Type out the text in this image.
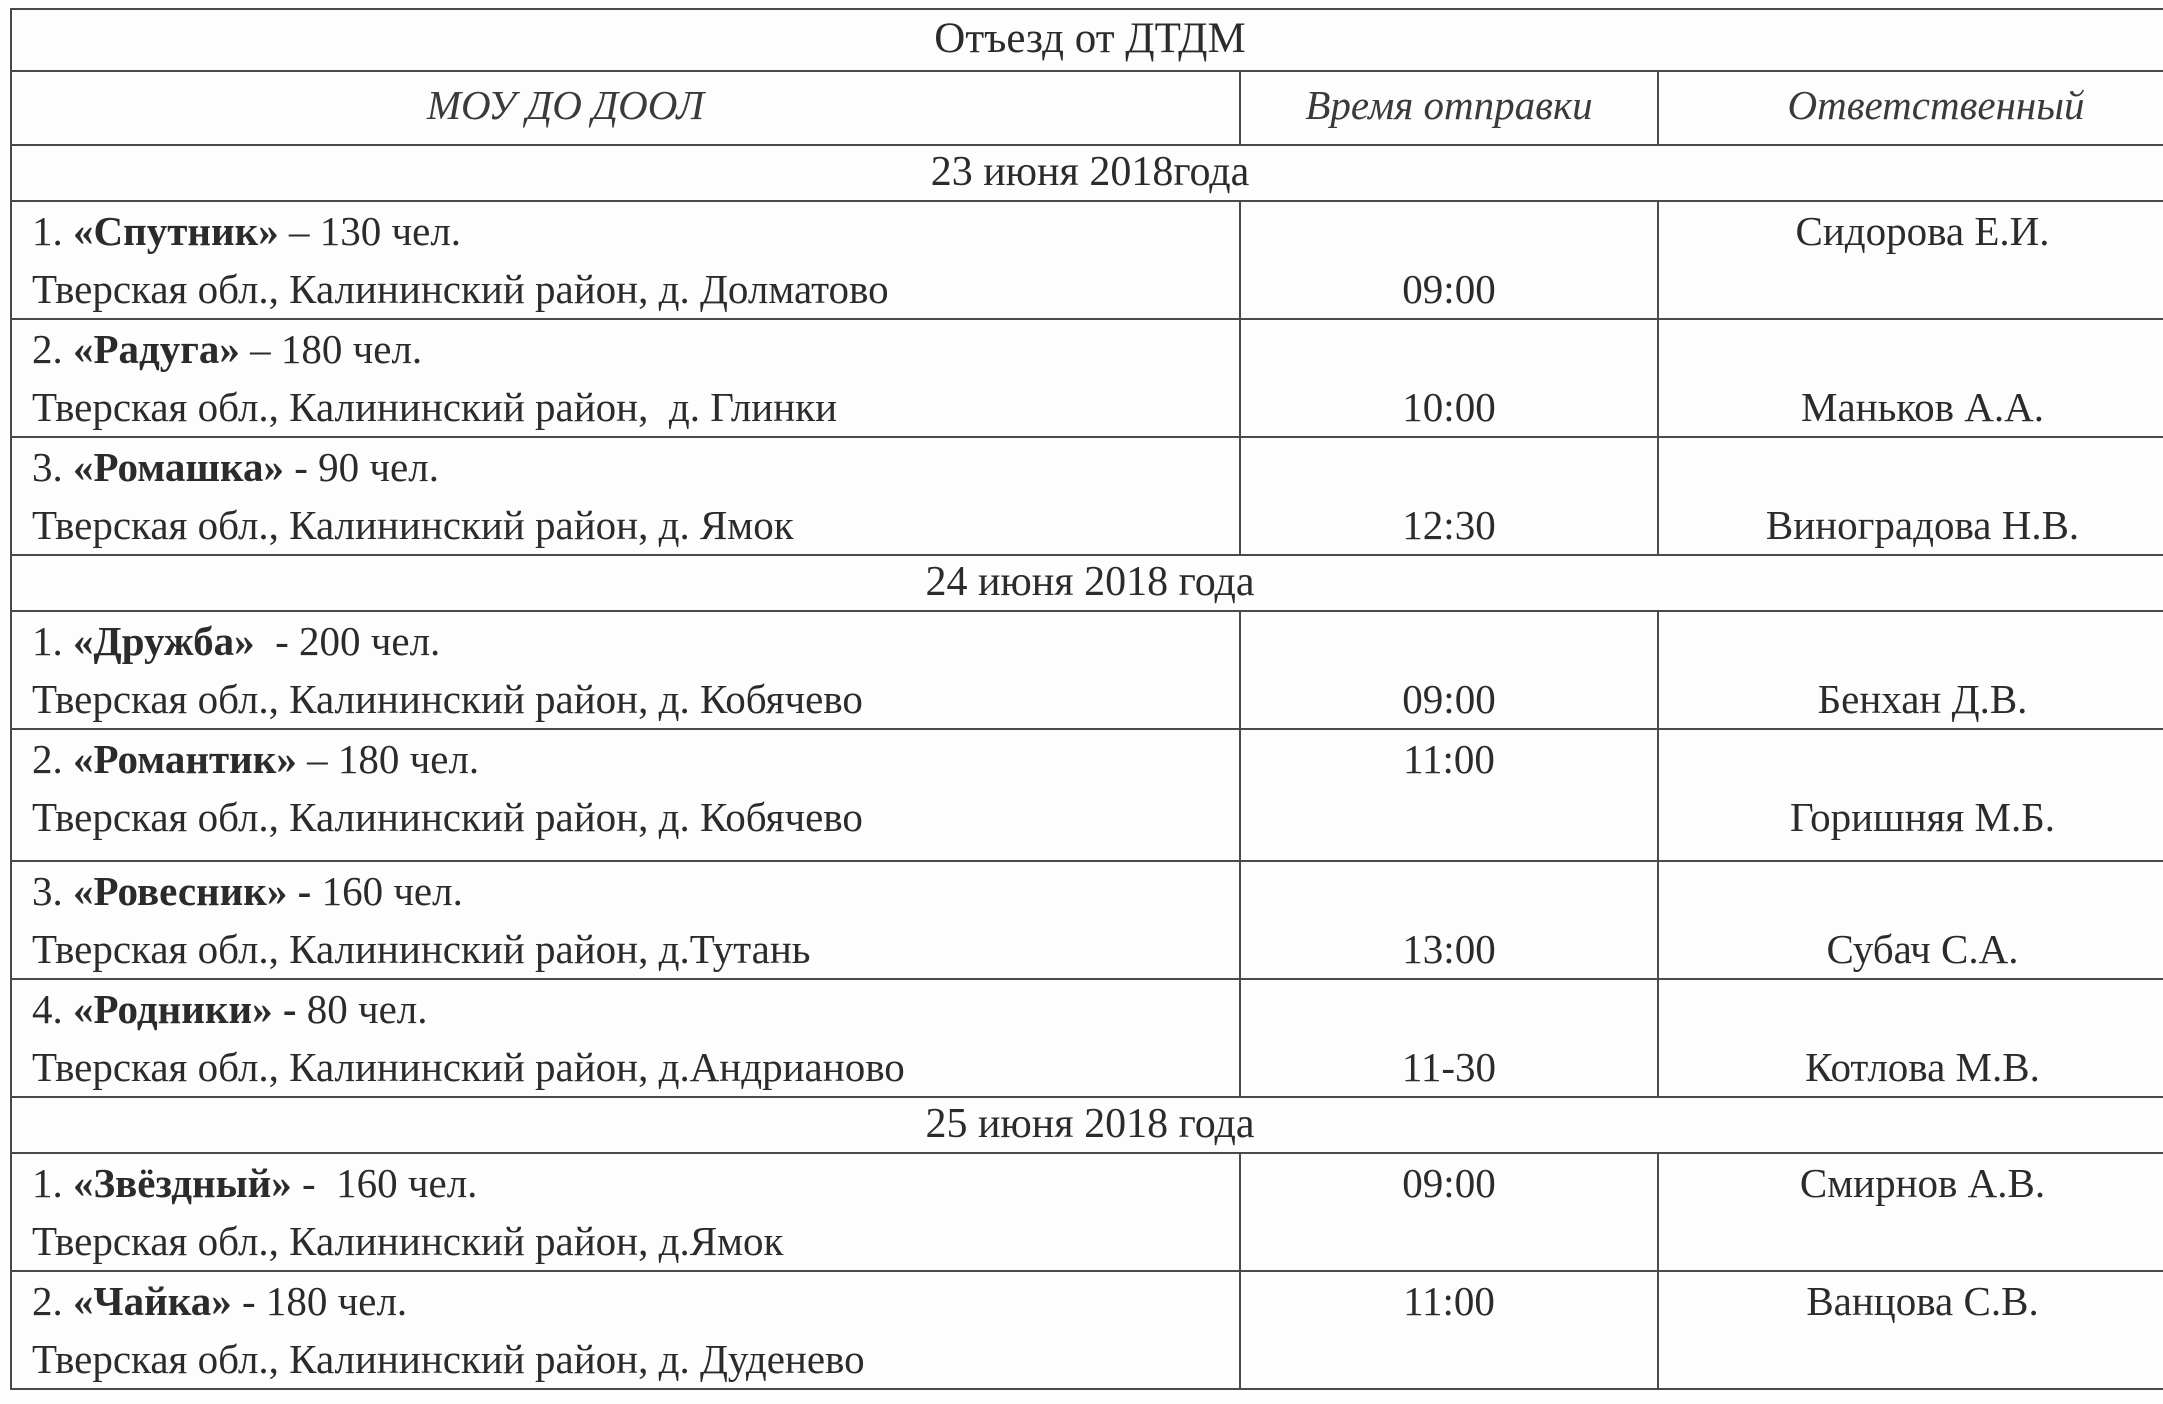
Отъезд от ДТДМ		
МОУ ДО ДООЛ	Время отправки	Ответственный
23 июня 2018года		

1. «Спутник» – 130 чел.
Тверская обл., Калининский район, д. Долматово	09:00	Сидорова Е.И.

2. «Радуга» – 180 чел.
Тверская обл., Калининский район,  д. Глинки	10:00	Маньков А.А.

3. «Ромашка» - 90 чел.
Тверская обл., Калининский район, д. Ямок	12:30	Виноградова Н.В.

24 июня 2018 года		

1. «Дружба»  - 200 чел.
Тверская обл., Калининский район, д. Кобячево	09:00	Бенхан Д.В.

2. «Романтик» – 180 чел.
Тверская обл., Калининский район, д. Кобячево	11:00	Горишняя М.Б.

3. «Ровесник» - 160 чел.
Тверская обл., Калининский район, д.Тутань	13:00	Субач С.А.

4. «Родники» - 80 чел.
Тверская обл., Калининский район, д.Андрианово	11-30	Котлова М.В.

25 июня 2018 года		

1. «Звёздный» -  160 чел.
Тверская обл., Калининский район, д.Ямок	09:00	Смирнов А.В.

2. «Чайка» - 180 чел.
Тверская обл., Калининский район, д. Дуденево	11:00	Ванцова С.В.
